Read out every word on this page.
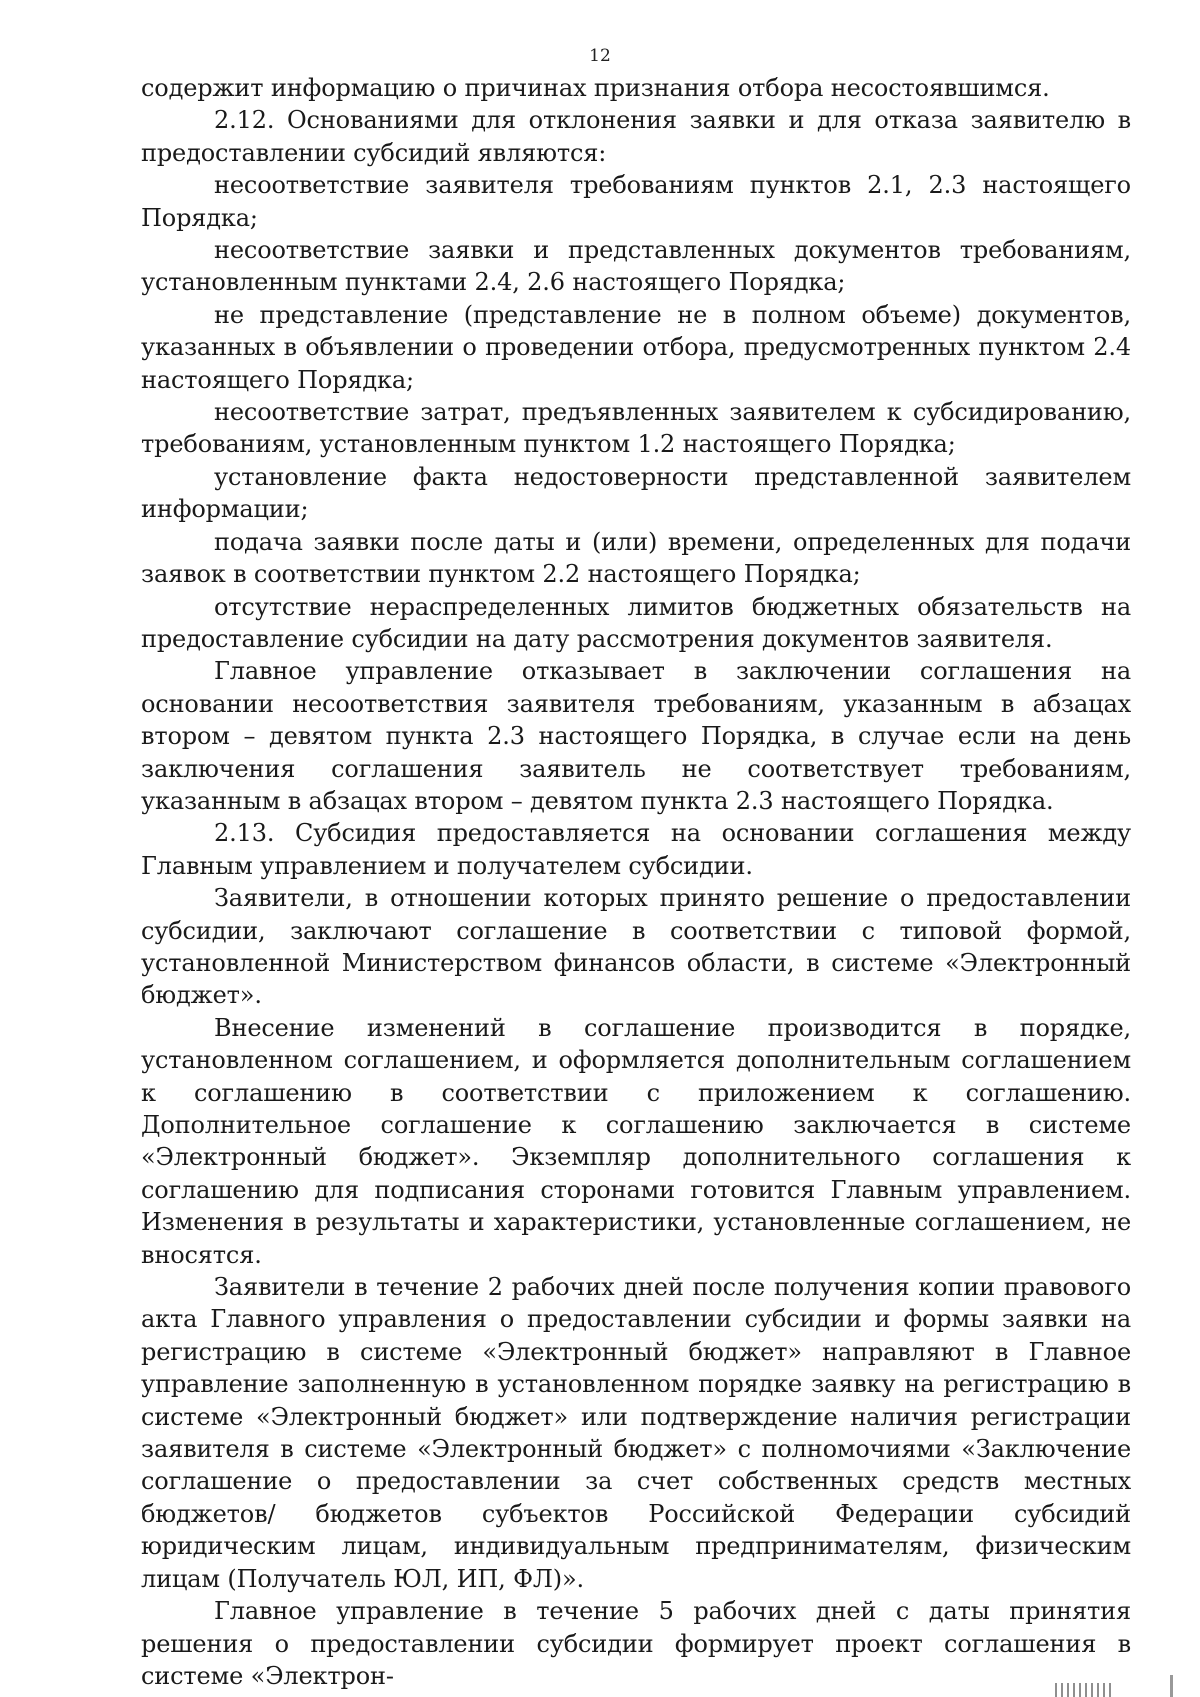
12

содержит информацию о причинах признания отбора несостоявшимся.

2.12. Основаниями для отклонения заявки и для отказа заявителю в предоставлении субсидий являются:

несоответствие заявителя требованиям пунктов 2.1, 2.3 настоящего Порядка;

несоответствие заявки и представленных документов требованиям, установленным пунктами 2.4, 2.6 настоящего Порядка;

не представление (представление не в полном объеме) документов, указанных в объявлении о проведении отбора, предусмотренных пунктом 2.4 настоящего Порядка;

несоответствие затрат, предъявленных заявителем к субсидированию, требованиям, установленным пунктом 1.2 настоящего Порядка;

установление факта недостоверности представленной заявителем информации;

подача заявки после даты и (или) времени, определенных для подачи заявок в соответствии пунктом 2.2 настоящего Порядка;

отсутствие нераспределенных лимитов бюджетных обязательств на предоставление субсидии на дату рассмотрения документов заявителя.

Главное управление отказывает в заключении соглашения на основании несоответствия заявителя требованиям, указанным в абзацах втором – девятом пункта 2.3 настоящего Порядка, в случае если на день заключения соглашения заявитель не соответствует требованиям, указанным в абзацах втором – девятом пункта 2.3 настоящего Порядка.

2.13. Субсидия предоставляется на основании соглашения между Главным управлением и получателем субсидии.

Заявители, в отношении которых принято решение о предоставлении субсидии, заключают соглашение в соответствии с типовой формой, установленной Министерством финансов области, в системе «Электронный бюджет».

Внесение изменений в соглашение производится в порядке, установленном соглашением, и оформляется дополнительным соглашением к соглашению в соответствии с приложением к соглашению. Дополнительное соглашение к соглашению заключается в системе «Электронный бюджет». Экземпляр дополнительного соглашения к соглашению для подписания сторонами готовится Главным управлением. Изменения в результаты и характеристики, установленные соглашением, не вносятся.

Заявители в течение 2 рабочих дней после получения копии правового акта Главного управления о предоставлении субсидии и формы заявки на регистрацию в системе «Электронный бюджет» направляют в Главное управление заполненную в установленном порядке заявку на регистрацию в системе «Электронный бюджет» или подтверждение наличия регистрации заявителя в системе «Электронный бюджет» с полномочиями «Заключение соглашение о предоставлении за счет собственных средств местных бюджетов/ бюджетов субъектов Российской Федерации субсидий юридическим лицам, индивидуальным предпринимателям, физическим лицам (Получатель ЮЛ, ИП, ФЛ)».

Главное управление в течение 5 рабочих дней с даты принятия решения о предоставлении субсидии формирует проект соглашения в системе «Электрон-
